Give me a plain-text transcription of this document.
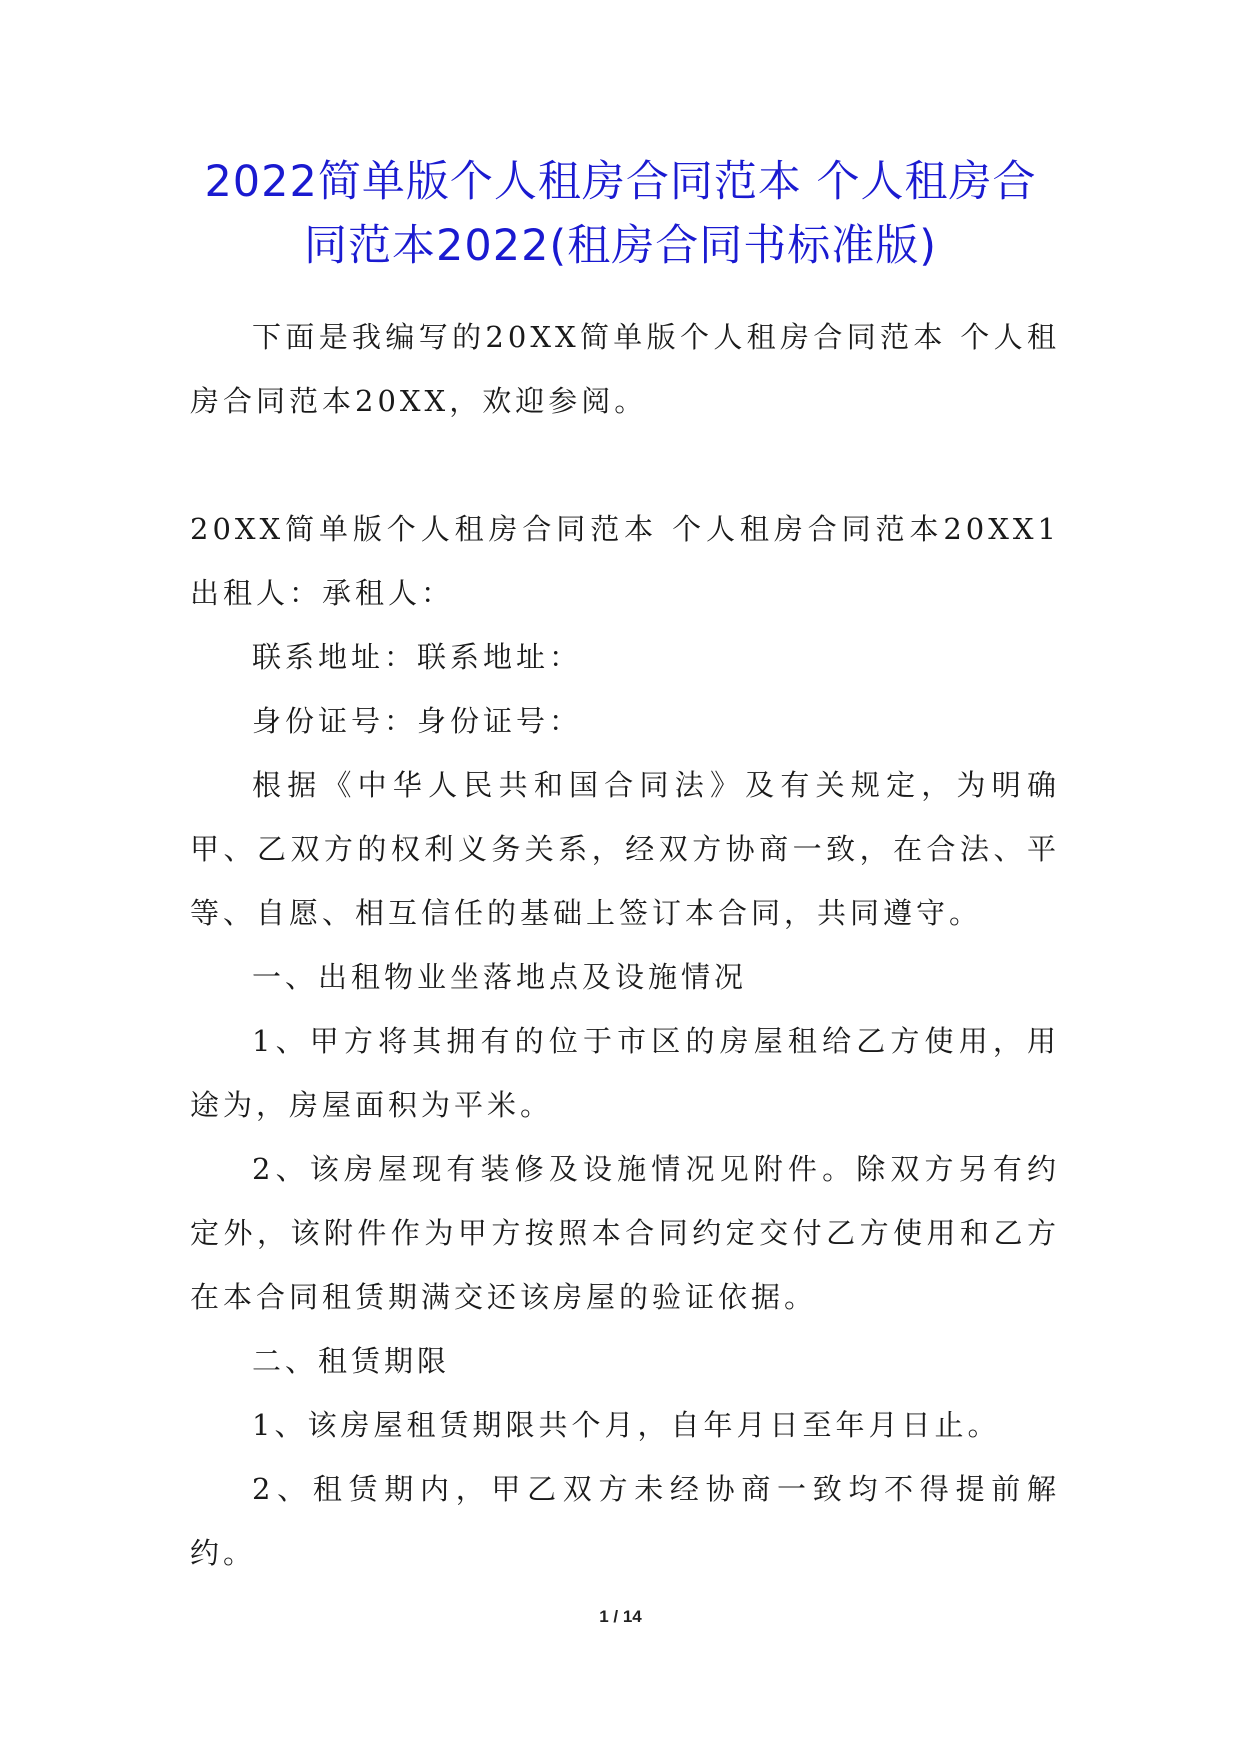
2022简单版个人租房合同范本 个人租房合
同范本2022(租房合同书标准版)

下面是我编写的20XX简单版个人租房合同范本 个人租房合同范本20XX，欢迎参阅。

20XX简单版个人租房合同范本 个人租房合同范本20XX1　　出租人：承租人：

联系地址：联系地址：

身份证号：身份证号：

根据《中华人民共和国合同法》及有关规定，为明确甲、乙双方的权利义务关系，经双方协商一致，在合法、平等、自愿、相互信任的基础上签订本合同，共同遵守。

一、出租物业坐落地点及设施情况

1、甲方将其拥有的位于市区的房屋租给乙方使用，用途为，房屋面积为平米。

2、该房屋现有装修及设施情况见附件。除双方另有约定外，该附件作为甲方按照本合同约定交付乙方使用和乙方在本合同租赁期满交还该房屋的验证依据。

二、租赁期限

1、该房屋租赁期限共个月，自年月日至年月日止。

2、租赁期内，甲乙双方未经协商一致均不得提前解约。

1 / 14
